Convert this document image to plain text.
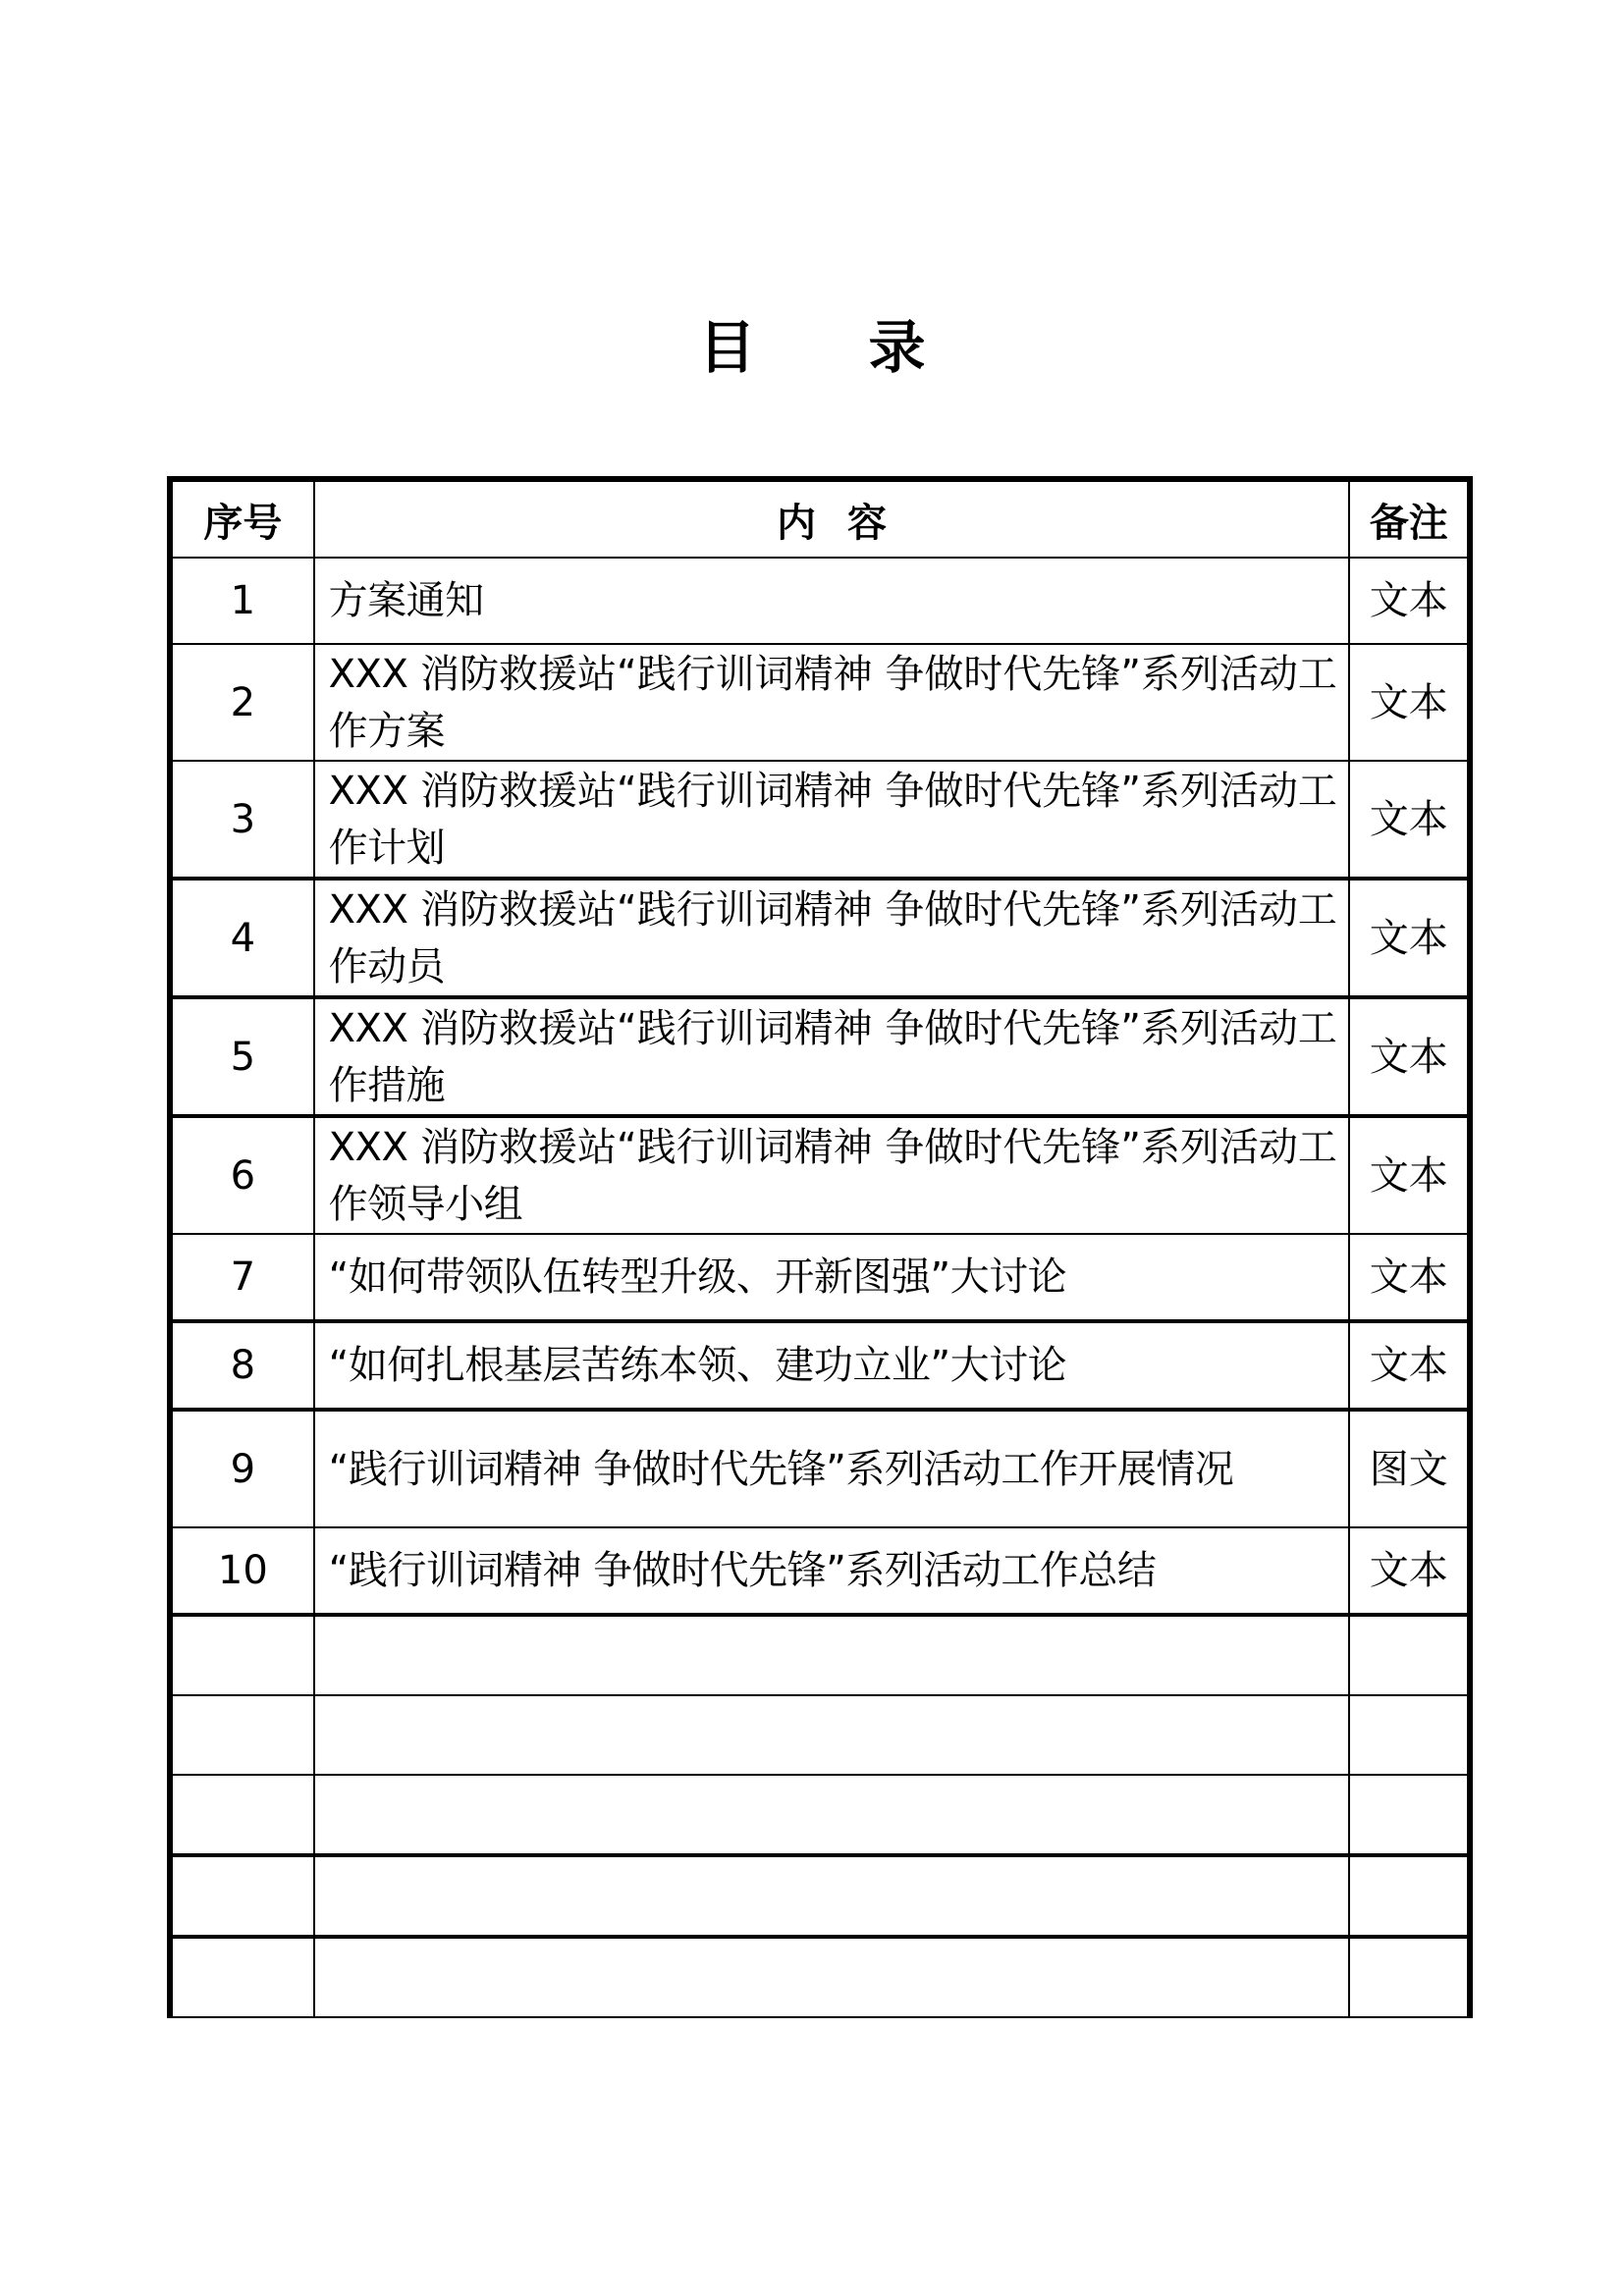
目 录
序号	内 容	备注
1	方案通知	文本
2	XXX 消防救援站“践行训词精神 争做时代先锋”系列活动工作方案	文本
3	XXX 消防救援站“践行训词精神 争做时代先锋”系列活动工作计划	文本
4	XXX 消防救援站“践行训词精神 争做时代先锋”系列活动工作动员	文本
5	XXX 消防救援站“践行训词精神 争做时代先锋”系列活动工作措施	文本
6	XXX 消防救援站“践行训词精神 争做时代先锋”系列活动工作领导小组	文本
7	“如何带领队伍转型升级、开新图强”大讨论	文本
8	“如何扎根基层苦练本领、建功立业”大讨论	文本
9	“践行训词精神 争做时代先锋”系列活动工作开展情况	图文
10	“践行训词精神 争做时代先锋”系列活动工作总结	文本
